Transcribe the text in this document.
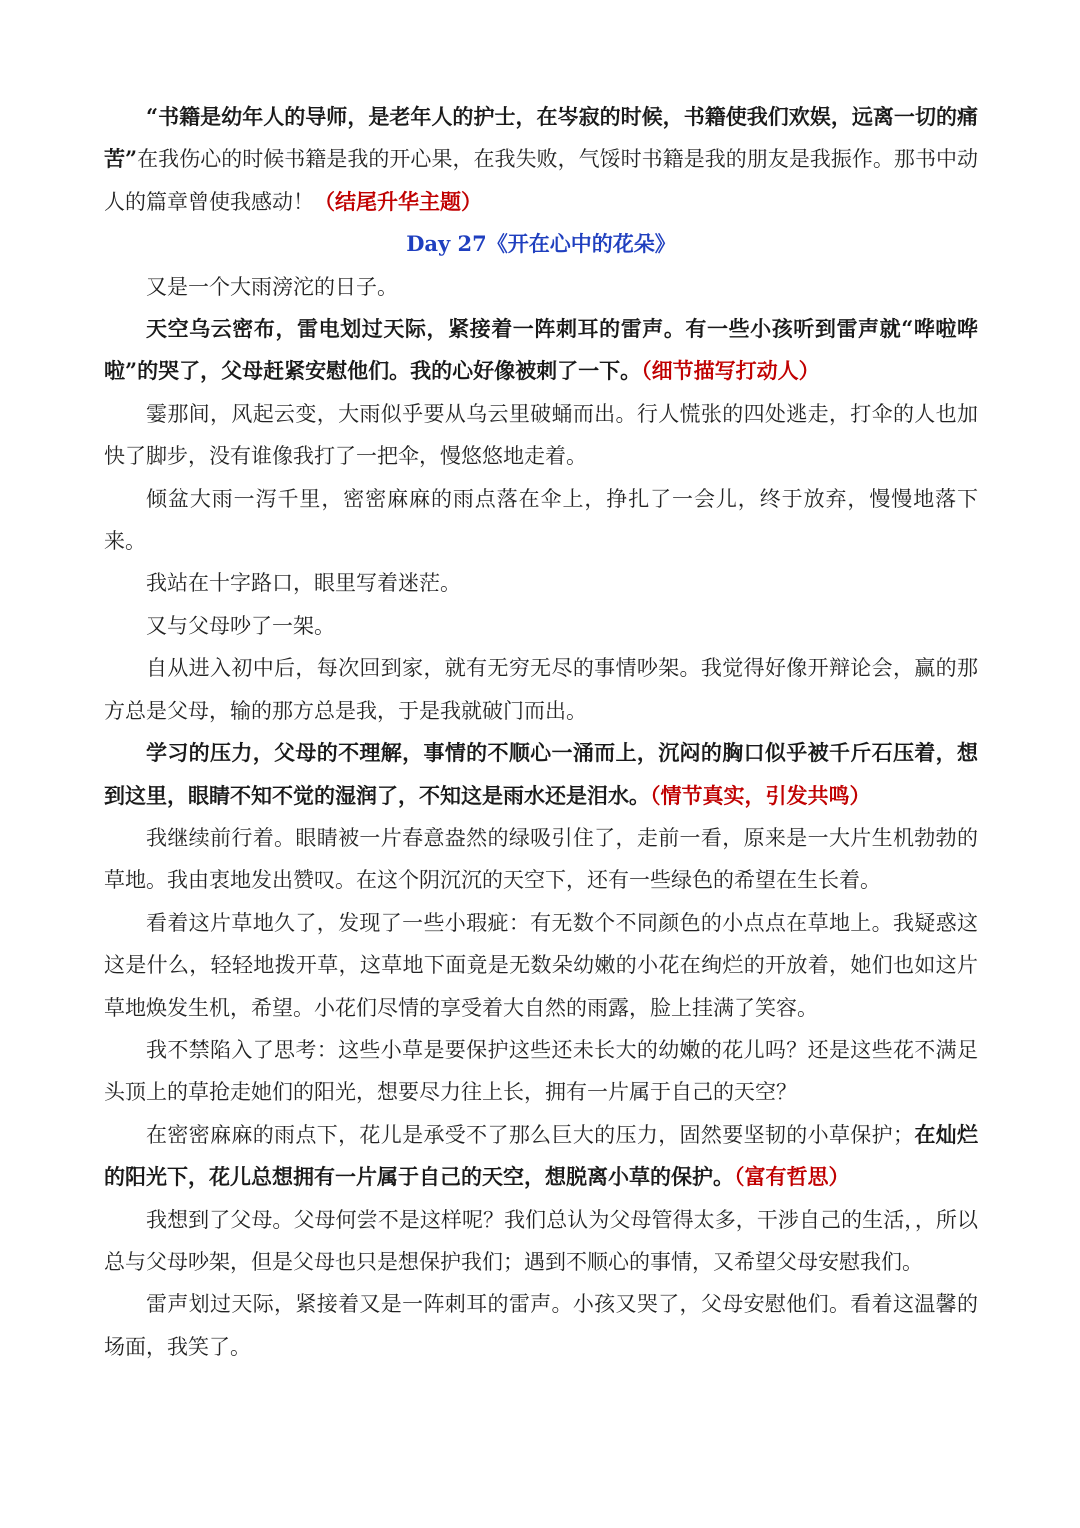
“书籍是幼年人的导师，是老年人的护士，在岑寂的时候，书籍使我们欢娱，远离一切的痛苦”在我伤心的时候书籍是我的开心果，在我失败，气馁时书籍是我的朋友是我振作。那书中动人的篇章曾使我感动！（结尾升华主题）

Day 27《开在心中的花朵》

又是一个大雨滂沱的日子。

天空乌云密布，雷电划过天际，紧接着一阵刺耳的雷声。有一些小孩听到雷声就“哗啦哗啦”的哭了，父母赶紧安慰他们。我的心好像被刺了一下。（细节描写打动人）

霎那间，风起云变，大雨似乎要从乌云里破蛹而出。行人慌张的四处逃走，打伞的人也加快了脚步，没有谁像我打了一把伞，慢悠悠地走着。

倾盆大雨一泻千里，密密麻麻的雨点落在伞上，挣扎了一会儿，终于放弃，慢慢地落下来。

我站在十字路口，眼里写着迷茫。

又与父母吵了一架。

自从进入初中后，每次回到家，就有无穷无尽的事情吵架。我觉得好像开辩论会，赢的那方总是父母，输的那方总是我，于是我就破门而出。

学习的压力，父母的不理解，事情的不顺心一涌而上，沉闷的胸口似乎被千斤石压着，想到这里，眼睛不知不觉的湿润了，不知这是雨水还是泪水。（情节真实，引发共鸣）

我继续前行着。眼睛被一片春意盎然的绿吸引住了，走前一看，原来是一大片生机勃勃的草地。我由衷地发出赞叹。在这个阴沉沉的天空下，还有一些绿色的希望在生长着。

看着这片草地久了，发现了一些小瑕疵：有无数个不同颜色的小点点在草地上。我疑惑这这是什么，轻轻地拨开草，这草地下面竟是无数朵幼嫩的小花在绚烂的开放着，她们也如这片草地焕发生机，希望。小花们尽情的享受着大自然的雨露，脸上挂满了笑容。

我不禁陷入了思考：这些小草是要保护这些还未长大的幼嫩的花儿吗？还是这些花不满足头顶上的草抢走她们的阳光，想要尽力往上长，拥有一片属于自己的天空？

在密密麻麻的雨点下，花儿是承受不了那么巨大的压力，固然要坚韧的小草保护；在灿烂的阳光下，花儿总想拥有一片属于自己的天空，想脱离小草的保护。（富有哲思）

我想到了父母。父母何尝不是这样呢？我们总认为父母管得太多，干涉自己的生活，，所以总与父母吵架，但是父母也只是想保护我们；遇到不顺心的事情，又希望父母安慰我们。

雷声划过天际，紧接着又是一阵刺耳的雷声。小孩又哭了，父母安慰他们。看着这温馨的场面，我笑了。
